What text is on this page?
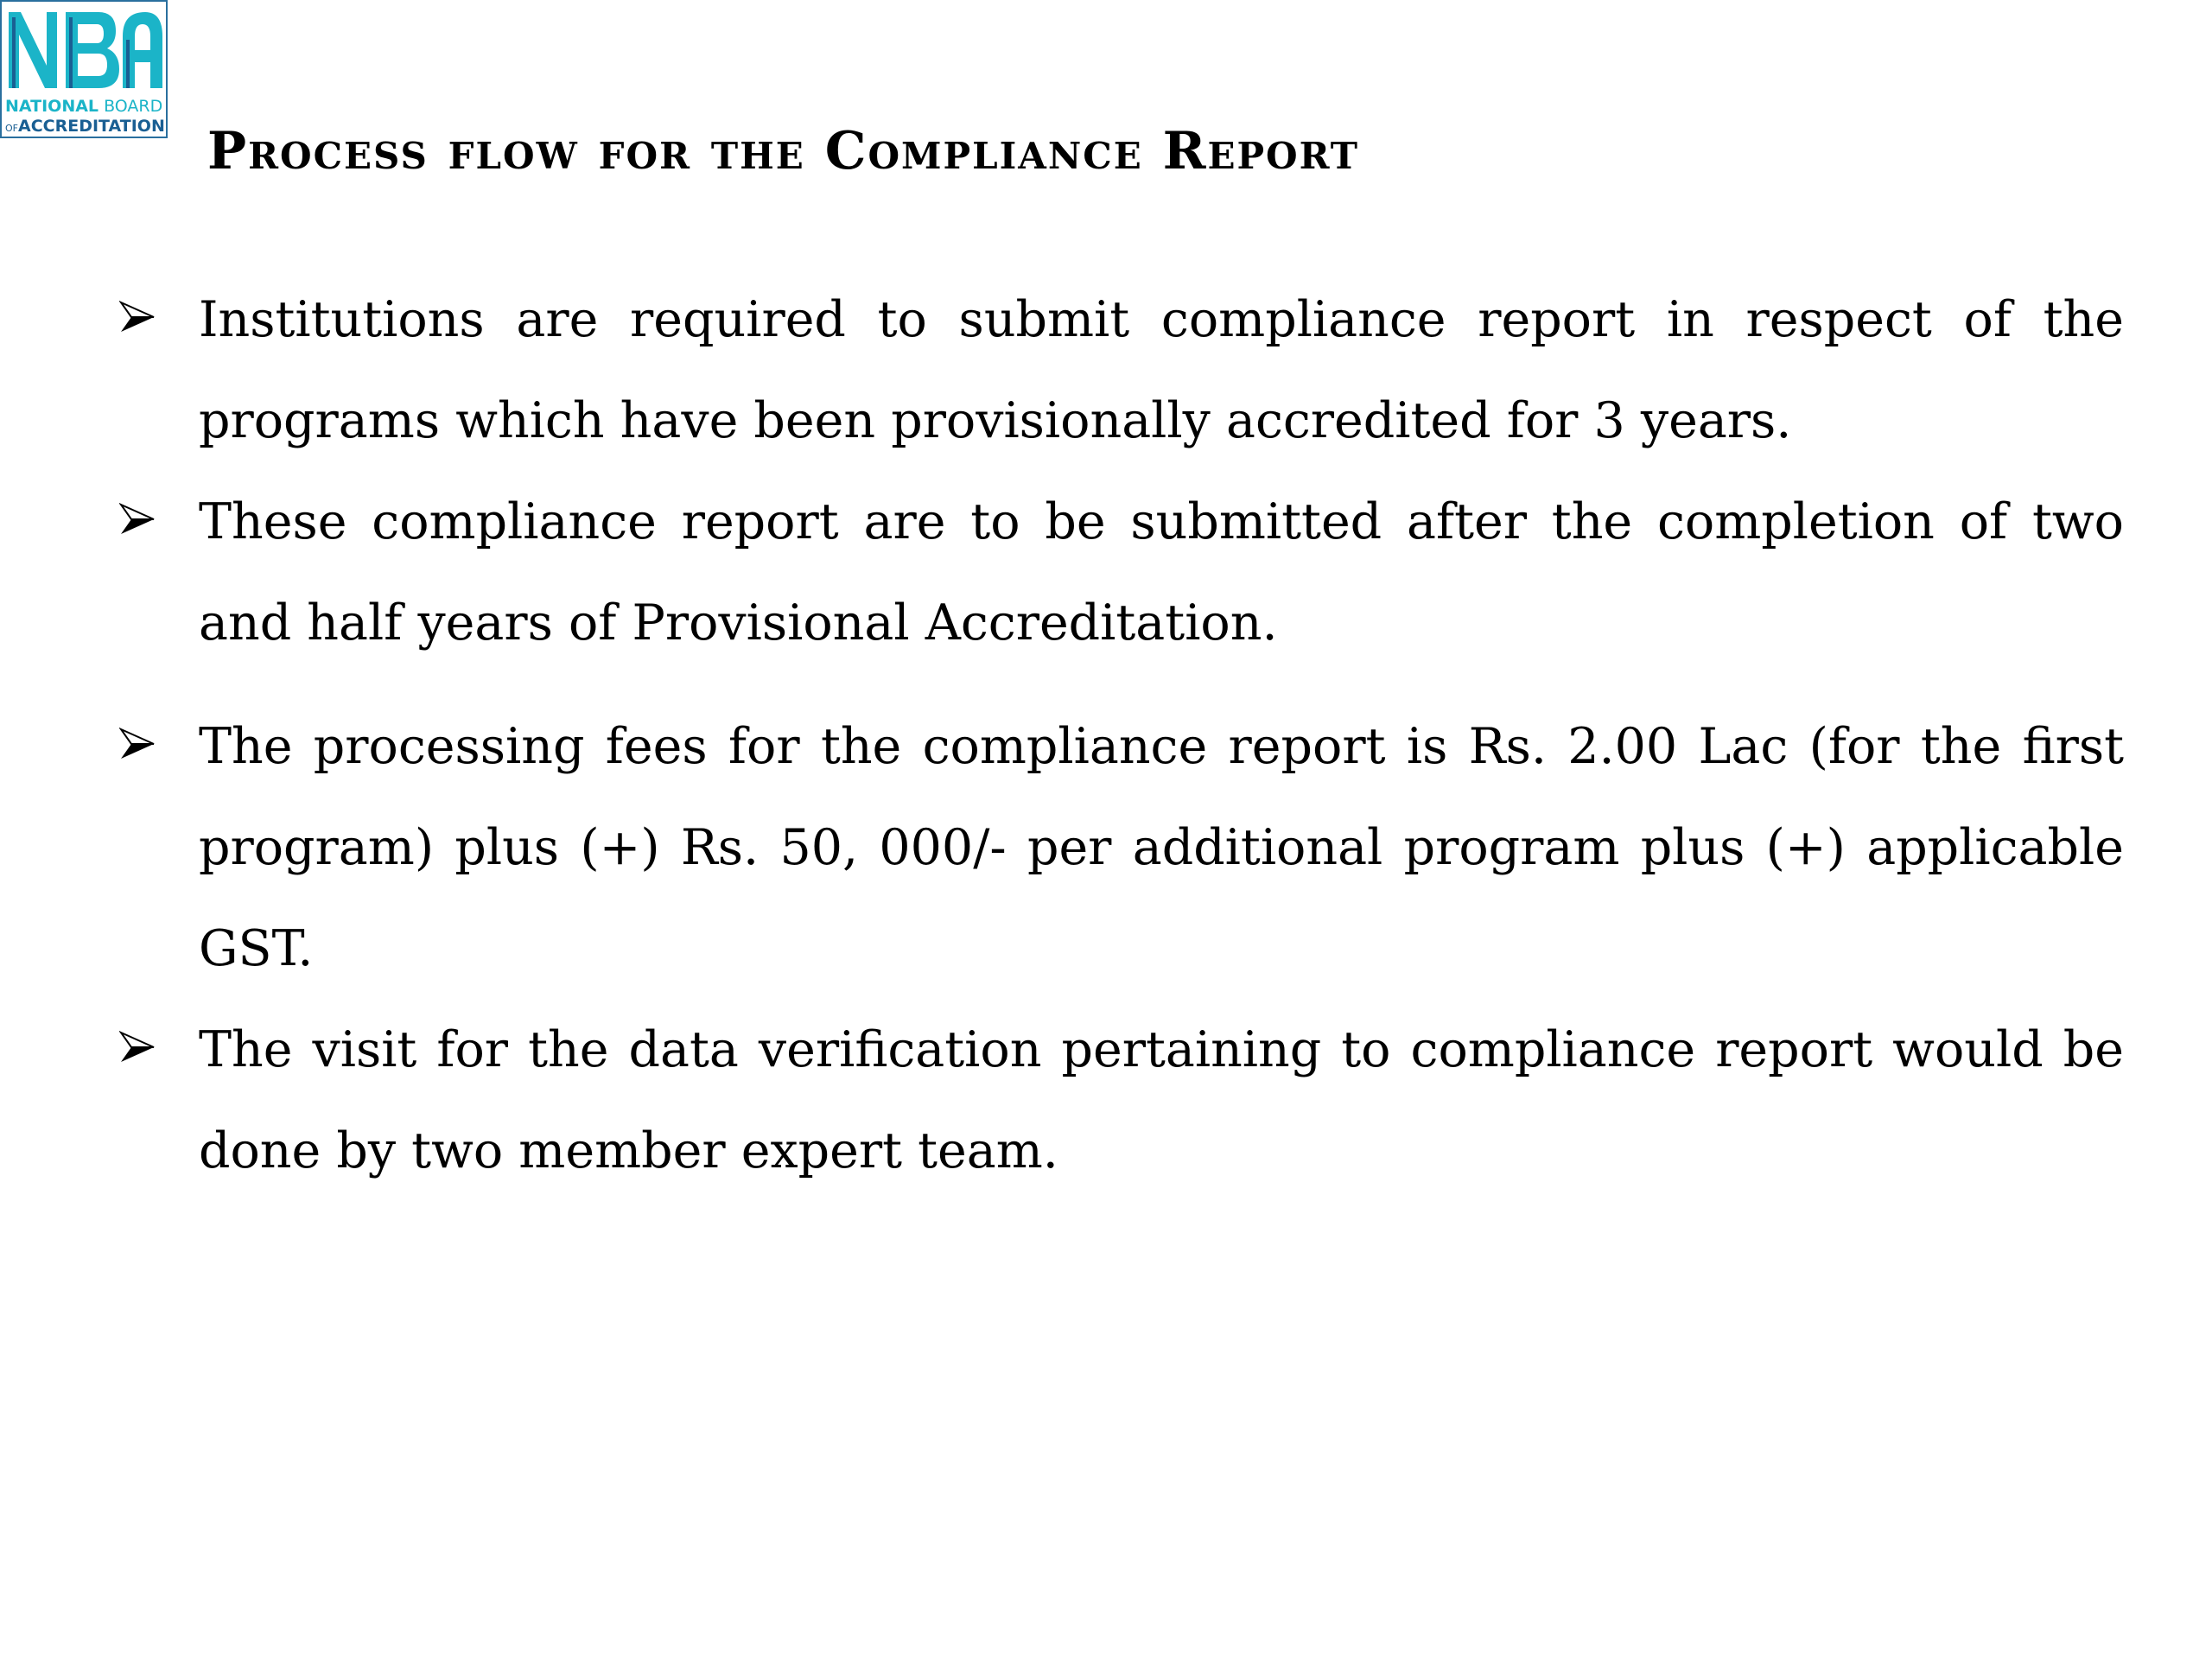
NATIONAL BOARD
OFACCREDITATION Process flow for the Compliance Report
Institutions are required to submit compliance report in respect of the programs which have been provisionally accredited for 3 years.
These compliance report are to be submitted after the completion of two and half years of Provisional Accreditation.
The processing fees for the compliance report is Rs. 2.00 Lac (for the first program) plus (+) Rs. 50, 000/- per additional program plus (+) applicable GST.
The visit for the data verification pertaining to compliance report would be done by two member expert team.
